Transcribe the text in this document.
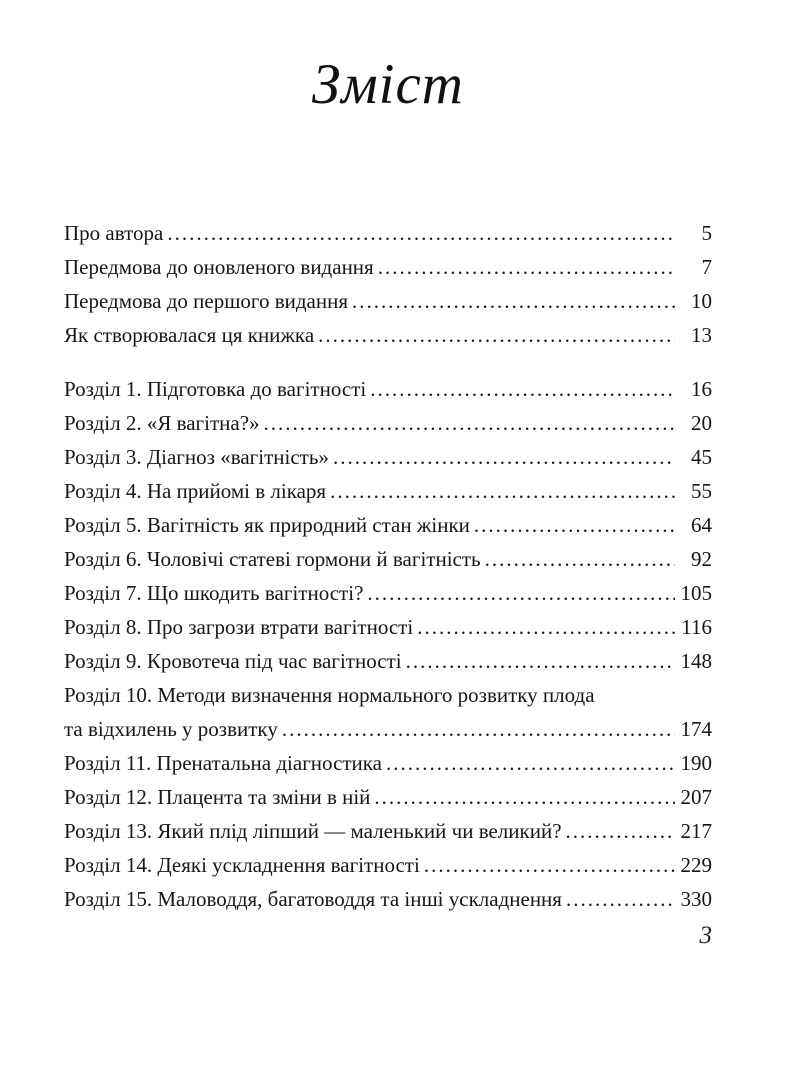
Зміст
Про автора .....	5
Передмова до оновленого видання .....	7
Передмова до першого видання .....	10
Як створювалася ця книжка .....	13
Розділ 1. Підготовка до вагітності .....	16
Розділ 2. «Я вагітна?» .....	20
Розділ 3. Діагноз «вагітність» .....	45
Розділ 4. На прийомі в лікаря .....	55
Розділ 5. Вагітність як природний стан жінки .....	64
Розділ 6. Чоловічі статеві гормони й вагітність .....	92
Розділ 7. Що шкодить вагітності? .....	105
Розділ 8. Про загрози втрати вагітності .....	116
Розділ 9. Кровотеча під час вагітності .....	148
Розділ 10. Методи визначення нормального розвитку плода
та відхилень у розвитку .....	174
Розділ 11. Пренатальна діагностика .....	190
Розділ 12. Плацента та зміни в ній .....	207
Розділ 13. Який плід ліпший — маленький чи великий? .....	217
Розділ 14. Деякі ускладнення вагітності .....	229
Розділ 15. Маловоддя, багатоводдя та інші ускладнення .....	330
3
